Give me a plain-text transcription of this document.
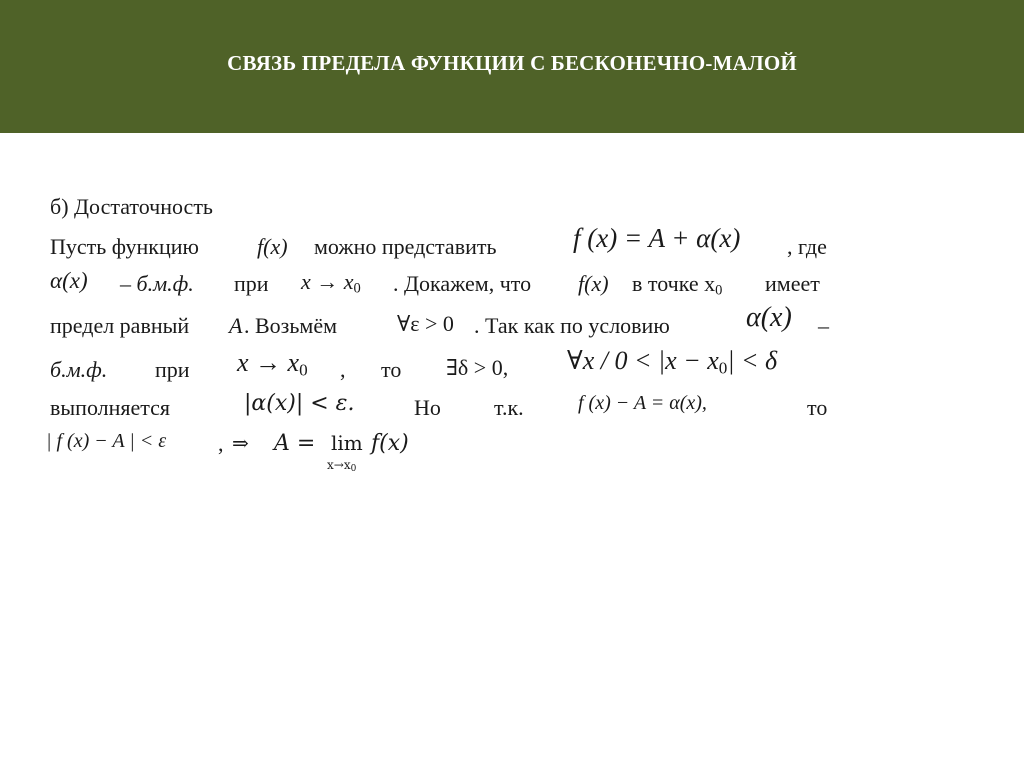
СВЯЗЬ ПРЕДЕЛА ФУНКЦИИ С БЕСКОНЕЧНО-МАЛОЙ
б) Достаточность
Пусть функцию	f(x) можно представить	f (x) = A + α(x) , где
α(x) – б.м.ф. при $x \to x_0$ . Докажем, что f(x) в точке $x_0$ имеет
предел равный A . Возьмём	∀ε > 0 . Так как по условию	α(x) –
б.м.ф. при $x \to x_0$ , то ∃δ > 0, ∀x / $0 < |x - x_0| < \delta$
выполняется	|α(x)| < ε.	Но т.к.	f (x) − A = α(x),	то
| f (x) − A | < ε , ⇒ A = lim
x→x0
f(x)
